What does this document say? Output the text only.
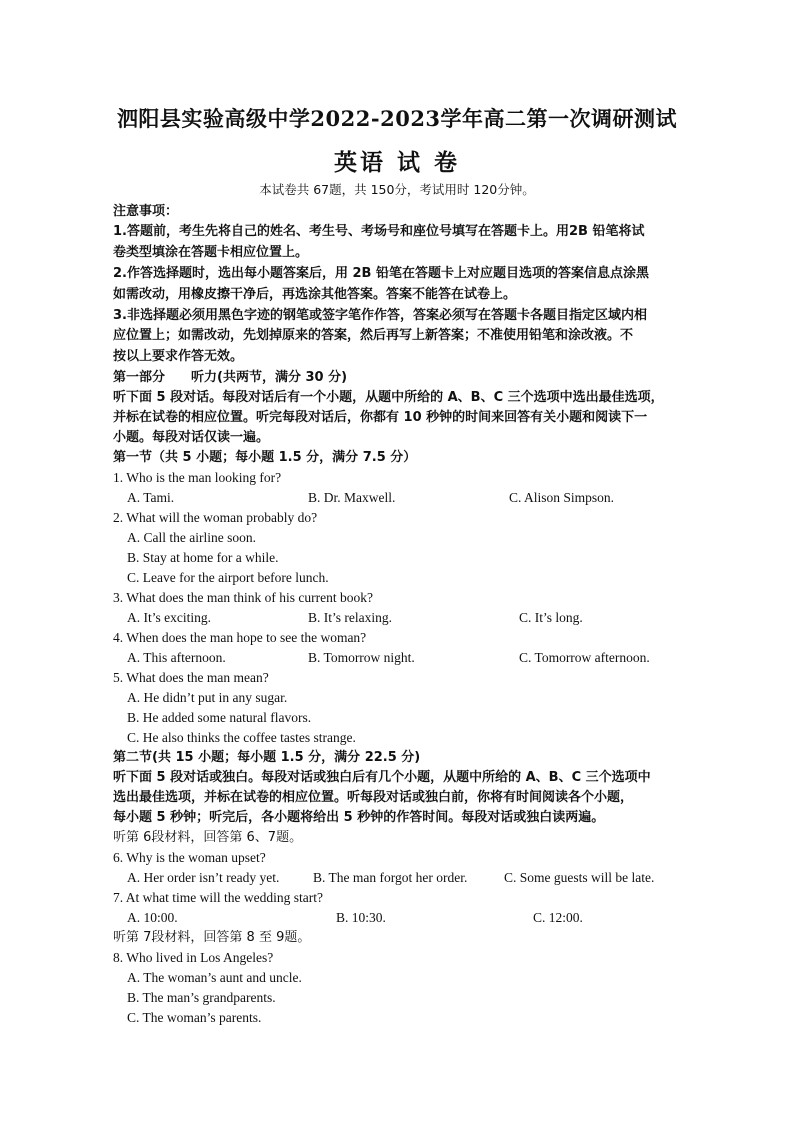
泗阳县实验高级中学2022-2023学年高二第一次调研测试
英语 试 卷
本试卷共 67题，共 150分，考试用时 120分钟。
注意事项：
1.答题前，考生先将自己的姓名、考生号、考场号和座位号填写在答题卡上。用2B 铅笔将试
卷类型填涂在答题卡相应位置上。
2.作答选择题时，选出每小题答案后，用 2B 铅笔在答题卡上对应题目选项的答案信息点涂黑
如需改动，用橡皮擦干净后，再选涂其他答案。答案不能答在试卷上。
3.非选择题必须用黑色字迹的钢笔或签字笔作作答，答案必须写在答题卡各题目指定区域内相
应位置上；如需改动，先划掉原来的答案，然后再写上新答案；不准使用铅笔和涂改液。不
按以上要求作答无效。
第一部分　　听力(共两节，满分 30 分)
听下面 5 段对话。每段对话后有一个小题，从题中所给的 A、B、C 三个选项中选出最佳选项，
并标在试卷的相应位置。听完每段对话后，你都有 10 秒钟的时间来回答有关小题和阅读下一
小题。每段对话仅读一遍。
第一节（共 5 小题；每小题 1.5 分，满分 7.5 分）
1. Who is the man looking for?
A. Tami.	B. Dr. Maxwell.	C. Alison Simpson.
2. What will the woman probably do?
A. Call the airline soon.
B. Stay at home for a while.
C. Leave for the airport before lunch.
3. What does the man think of his current book?
A. It’s exciting.	B. It’s relaxing.	C. It’s long.
4. When does the man hope to see the woman?
A. This afternoon.	B. Tomorrow night.	C. Tomorrow afternoon.
5. What does the man mean?
A. He didn’t put in any sugar.
B. He added some natural flavors.
C. He also thinks the coffee tastes strange.
第二节(共 15 小题；每小题 1.5 分，满分 22.5 分)
听下面 5 段对话或独白。每段对话或独白后有几个小题，从题中所给的 A、B、C 三个选项中
选出最佳选项，并标在试卷的相应位置。听每段对话或独白前，你将有时间阅读各个小题，
每小题 5 秒钟；听完后，各小题将给出 5 秒钟的作答时间。每段对话或独白读两遍。
听第 6段材料，回答第 6、7题。
6. Why is the woman upset?
A. Her order isn’t ready yet. B. The man forgot her order.	C. Some guests will be late.
7. At what time will the wedding start?
A. 10:00.	B. 10:30.	C. 12:00.
听第 7段材料，回答第 8 至 9题。
8. Who lived in Los Angeles?
A. The woman’s aunt and uncle.
B. The man’s grandparents.
C. The woman’s parents.
